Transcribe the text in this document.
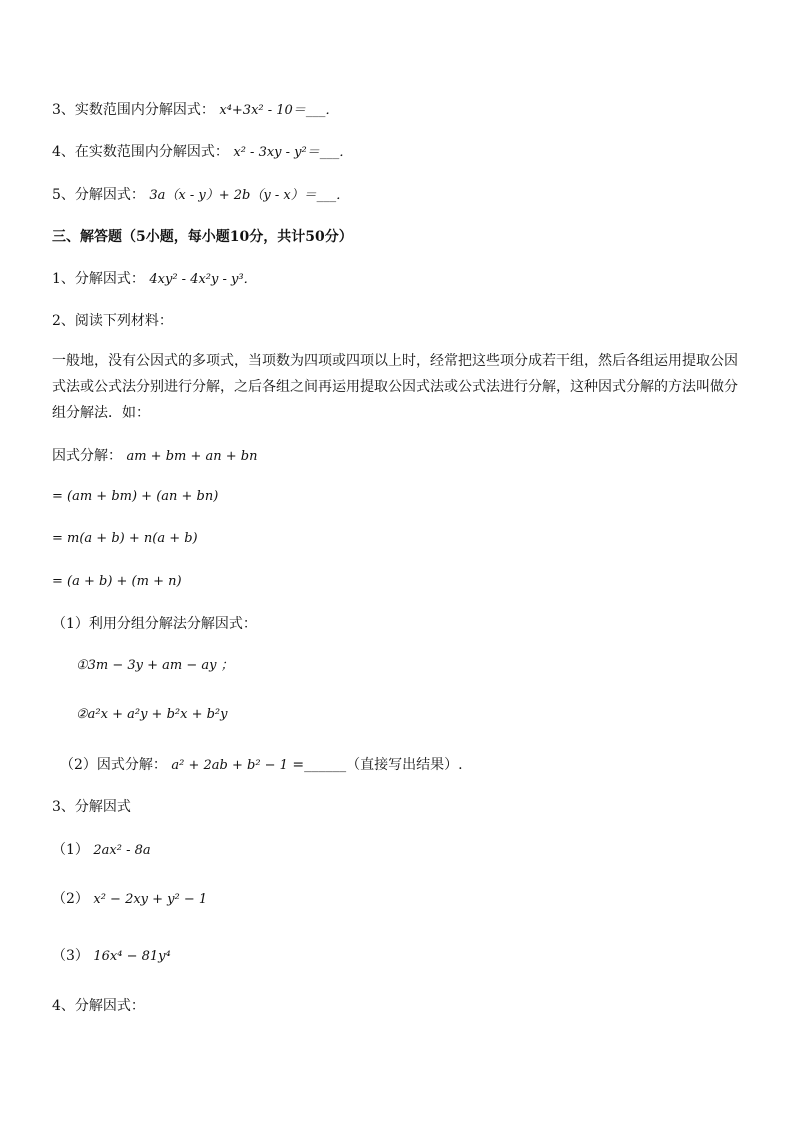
3、实数范围内分解因式： x⁴+3x² - 10＝___．
4、在实数范围内分解因式： x² - 3xy - y²＝___．
5、分解因式： 3a（x - y）+ 2b（y - x）＝___．
三、解答题（5小题，每小题10分，共计50分）
1、分解因式： 4xy² - 4x²y - y³．
2、阅读下列材料：
一般地，没有公因式的多项式，当项数为四项或四项以上时，经常把这些项分成若干组，然后各组运用提取公因式法或公式法分别进行分解，之后各组之间再运用提取公因式法或公式法进行分解，这种因式分解的方法叫做分组分解法．如：
因式分解： am + bm + an + bn
= (am + bm) + (an + bn)
= m(a + b) + n(a + b)
= (a + b) + (m + n)
（1）利用分组分解法分解因式：
①3m − 3y + am − ay ；
②a²x + a²y + b²x + b²y
（2）因式分解： a² + 2ab + b² − 1 =______（直接写出结果）.
3、分解因式
（1） 2ax² - 8a
（2） x² − 2xy + y² − 1
（3） 16x⁴ − 81y⁴
4、分解因式：
